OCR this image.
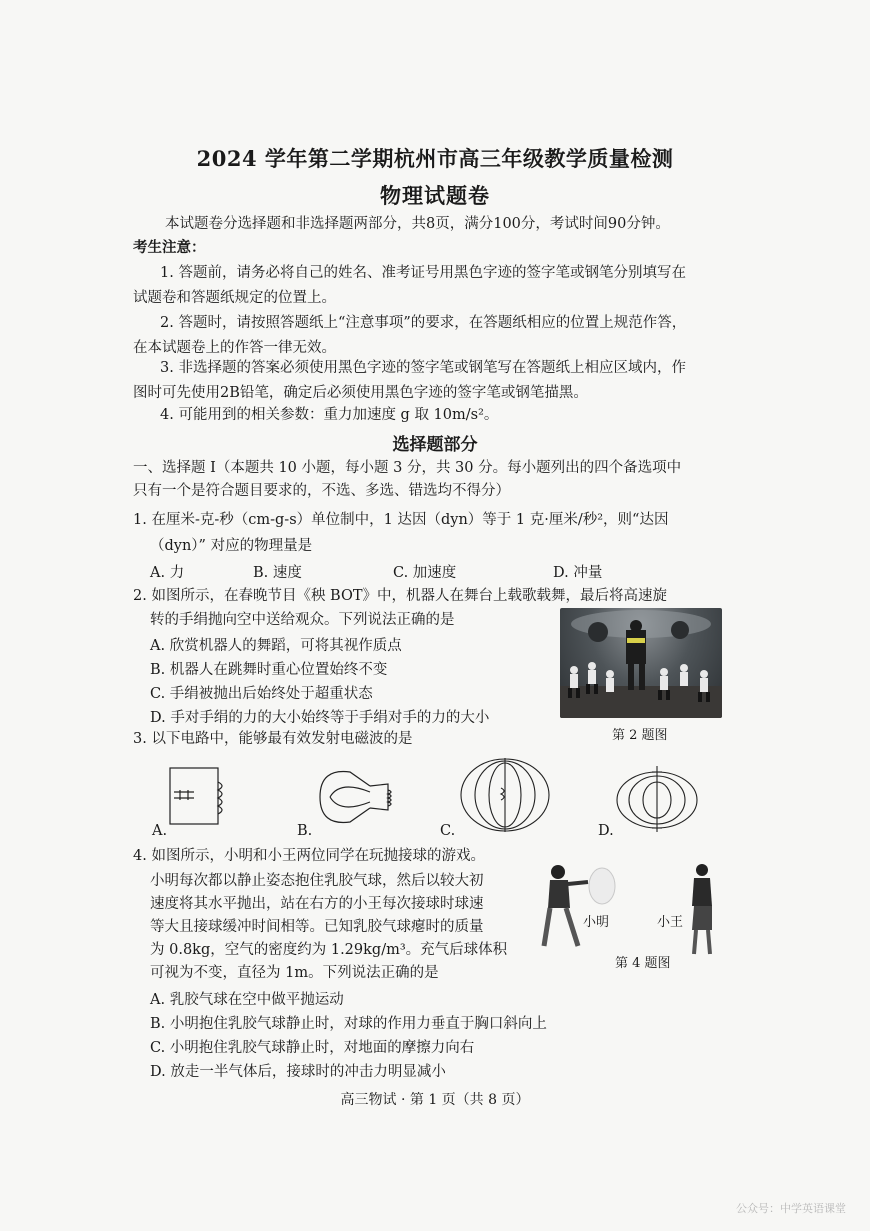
2024 学年第二学期杭州市高三年级教学质量检测
物理试题卷
本试题卷分选择题和非选择题两部分，共8页，满分100分，考试时间90分钟。
考生注意：
1. 答题前，请务必将自己的姓名、准考证号用黑色字迹的签字笔或钢笔分别填写在
试题卷和答题纸规定的位置上。
2. 答题时，请按照答题纸上“注意事项”的要求，在答题纸相应的位置上规范作答，
在本试题卷上的作答一律无效。
3. 非选择题的答案必须使用黑色字迹的签字笔或钢笔写在答题纸上相应区域内，作
图时可先使用2B铅笔，确定后必须使用黑色字迹的签字笔或钢笔描黑。
4. 可能用到的相关参数：重力加速度 g 取 10m/s²。
选择题部分
一、选择题 I（本题共 10 小题，每小题 3 分，共 30 分。每小题列出的四个备选项中
只有一个是符合题目要求的，不选、多选、错选均不得分）
1. 在厘米-克-秒（cm-g-s）单位制中，1 达因（dyn）等于 1 克·厘米/秒²，则“达因
（dyn）” 对应的物理量是
A. 力	B. 速度	C. 加速度	D. 冲量
2. 如图所示，在春晚节目《秧 BOT》中，机器人在舞台上载歌载舞，最后将高速旋
转的手绢抛向空中送给观众。下列说法正确的是
A. 欣赏机器人的舞蹈，可将其视作质点
B. 机器人在跳舞时重心位置始终不变
C. 手绢被抛出后始终处于超重状态
D. 手对手绢的力的大小始终等于手绢对手的力的大小
第 2 题图
3. 以下电路中，能够最有效发射电磁波的是
A.	B.	C.	D.
4. 如图所示，小明和小王两位同学在玩抛接球的游戏。
小明每次都以静止姿态抱住乳胶气球，然后以较大初
速度将其水平抛出，站在右方的小王每次接球时球速
等大且接球缓冲时间相等。已知乳胶气球瘪时的质量
为 0.8kg，空气的密度约为 1.29kg/m³。充气后球体积
可视为不变，直径为 1m。下列说法正确的是
A. 乳胶气球在空中做平抛运动
B. 小明抱住乳胶气球静止时，对球的作用力垂直于胸口斜向上
C. 小明抱住乳胶气球静止时，对地面的摩擦力向右
D. 放走一半气体后，接球时的冲击力明显减小
小明	小王
第 4 题图
高三物试 · 第 1 页（共 8 页）
公众号：中学英语课堂
